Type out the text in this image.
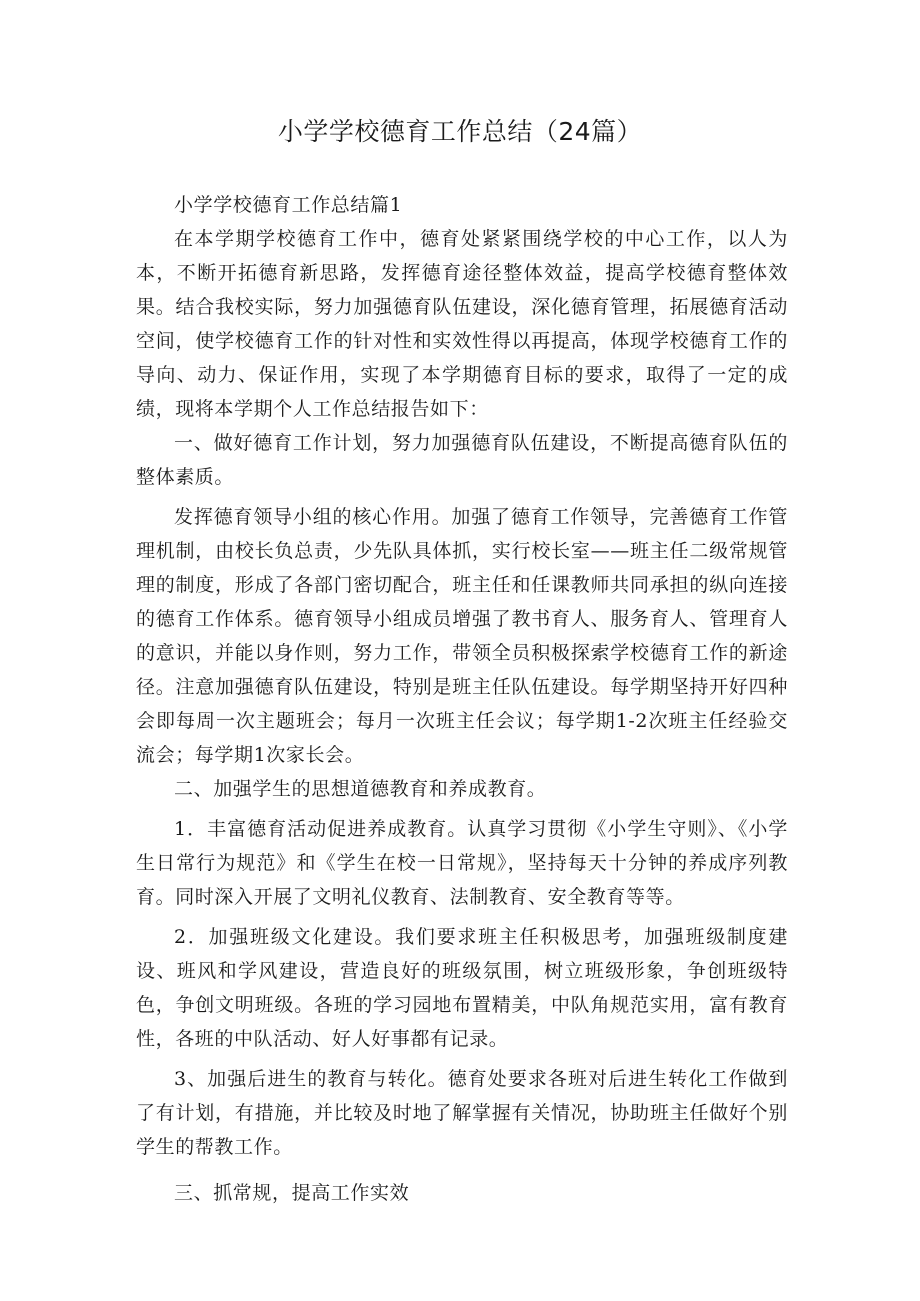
小学学校德育工作总结（24篇）

小学学校德育工作总结篇1

在本学期学校德育工作中，德育处紧紧围绕学校的中心工作，以人为本，不断开拓德育新思路，发挥德育途径整体效益，提高学校德育整体效果。结合我校实际，努力加强德育队伍建设，深化德育管理，拓展德育活动空间，使学校德育工作的针对性和实效性得以再提高，体现学校德育工作的导向、动力、保证作用，实现了本学期德育目标的要求，取得了一定的成绩，现将本学期个人工作总结报告如下：

一、做好德育工作计划，努力加强德育队伍建设，不断提高德育队伍的整体素质。

发挥德育领导小组的核心作用。加强了德育工作领导，完善德育工作管理机制，由校长负总责，少先队具体抓，实行校长室——班主任二级常规管理的制度，形成了各部门密切配合，班主任和任课教师共同承担的纵向连接的德育工作体系。德育领导小组成员增强了教书育人、服务育人、管理育人的意识，并能以身作则，努力工作，带领全员积极探索学校德育工作的新途径。注意加强德育队伍建设，特别是班主任队伍建设。每学期坚持开好四种会即每周一次主题班会；每月一次班主任会议；每学期1-2次班主任经验交流会；每学期1次家长会。

二、加强学生的思想道德教育和养成教育。

1．丰富德育活动促进养成教育。认真学习贯彻《小学生守则》、《小学生日常行为规范》和《学生在校一日常规》，坚持每天十分钟的养成序列教育。同时深入开展了文明礼仪教育、法制教育、安全教育等等。

2．加强班级文化建设。我们要求班主任积极思考，加强班级制度建设、班风和学风建设，营造良好的班级氛围，树立班级形象，争创班级特色，争创文明班级。各班的学习园地布置精美，中队角规范实用，富有教育性，各班的中队活动、好人好事都有记录。

3、加强后进生的教育与转化。德育处要求各班对后进生转化工作做到了有计划，有措施，并比较及时地了解掌握有关情况，协助班主任做好个别学生的帮教工作。

三、抓常规，提高工作实效
